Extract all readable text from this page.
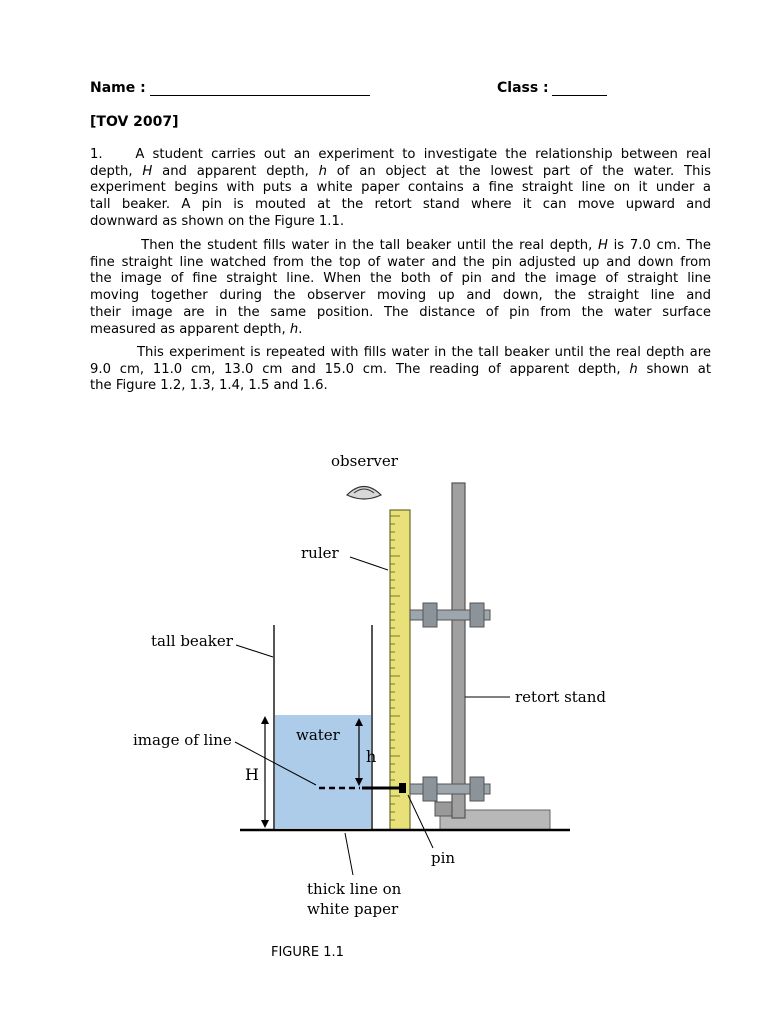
Name :	Class :
[TOV 2007]
1. A student carries out an experiment to investigate the relationship between real
depth, H and apparent depth, h of an object at the lowest part of the water. This
experiment begins with puts a white paper contains a fine straight line on it under a
tall beaker. A pin is mouted at the retort stand where it can move upward and
downward as shown on the Figure 1.1.
Then the student fills water in the tall beaker until the real depth, H is 7.0 cm. The
fine straight line watched from the top of water and the pin adjusted up and down from
the image of fine straight line. When the both of pin and the image of straight line
moving together during the observer moving up and down, the straight line and
their image are in the same position. The distance of pin from the water surface
measured as apparent depth, h.
This experiment is repeated with fills water in the tall beaker until the real depth are
9.0 cm, 11.0 cm, 13.0 cm and 15.0 cm. The reading of apparent depth, h shown at
the Figure 1.2, 1.3, 1.4, 1.5 and 1.6.
observer
ruler
tall beaker
retort stand
image of line	water
H
h
pin
thick line on
white paper
FIGURE 1.1
